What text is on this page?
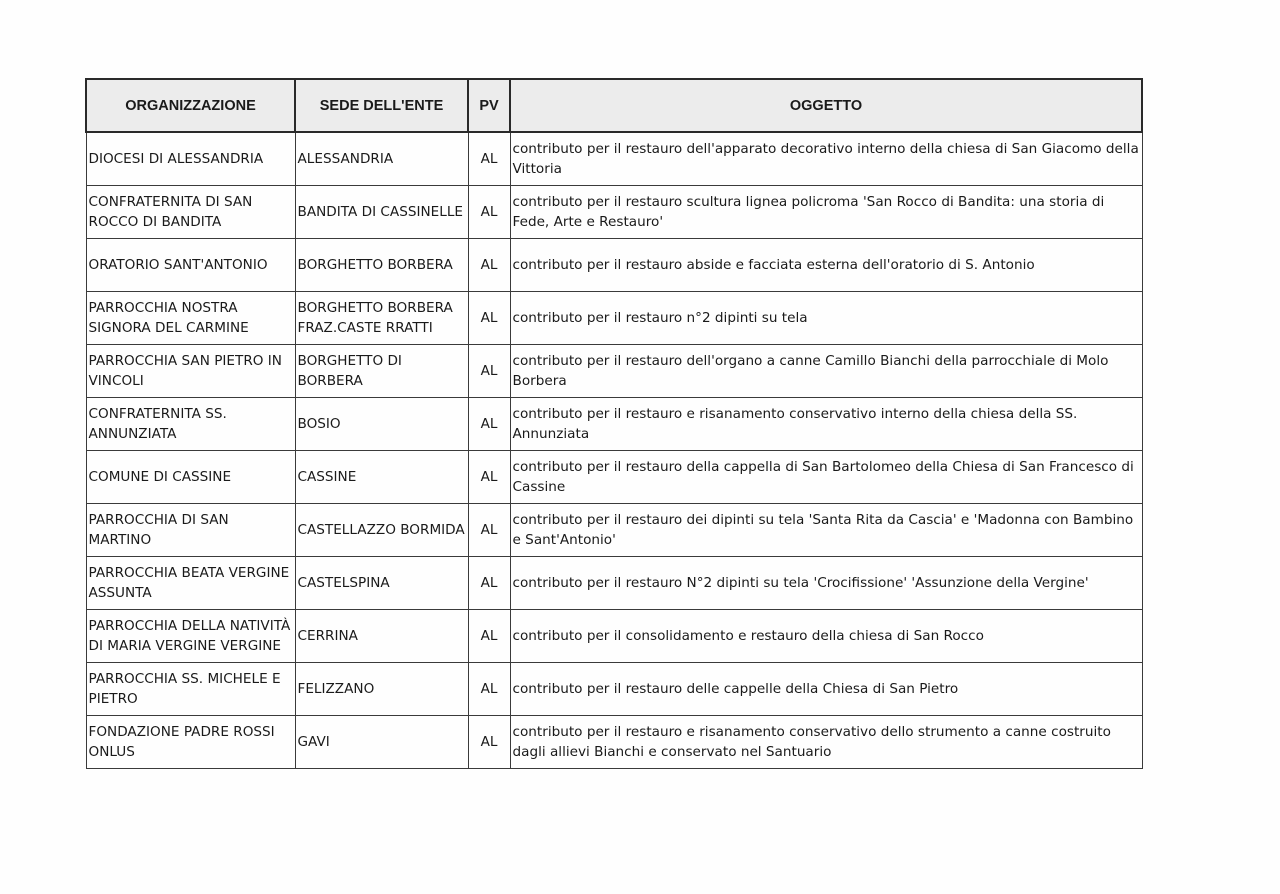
ORGANIZZAZIONE	SEDE DELL'ENTE	PV	OGGETTO
DIOCESI DI ALESSANDRIA	ALESSANDRIA	AL	contributo per il restauro dell'apparato decorativo interno della chiesa di San Giacomo della Vittoria
CONFRATERNITA DI SAN ROCCO DI BANDITA	BANDITA DI CASSINELLE	AL	contributo per il restauro scultura lignea policroma 'San Rocco di Bandita: una storia di Fede, Arte e Restauro'
ORATORIO SANT'ANTONIO	BORGHETTO BORBERA	AL	contributo per il restauro abside e facciata esterna dell'oratorio di S. Antonio
PARROCCHIA NOSTRA SIGNORA DEL CARMINE	BORGHETTO BORBERA FRAZ.CASTE RRATTI	AL	contributo per il restauro n°2 dipinti su tela
PARROCCHIA SAN PIETRO IN VINCOLI	BORGHETTO DI BORBERA	AL	contributo per il restauro dell'organo a canne Camillo Bianchi della parrocchiale di Molo Borbera
CONFRATERNITA SS. ANNUNZIATA	BOSIO	AL	contributo per il restauro e risanamento conservativo interno della chiesa della SS. Annunziata
COMUNE DI CASSINE	CASSINE	AL	contributo per il restauro della cappella di San Bartolomeo della Chiesa di San Francesco di Cassine
PARROCCHIA DI SAN MARTINO	CASTELLAZZO BORMIDA	AL	contributo per il restauro dei dipinti su tela 'Santa Rita da Cascia' e 'Madonna con Bambino e Sant'Antonio'
PARROCCHIA BEATA VERGINE ASSUNTA	CASTELSPINA	AL	contributo per il restauro N°2 dipinti su tela 'Crocifissione' 'Assunzione della Vergine'
PARROCCHIA DELLA NATIVITÀ DI MARIA VERGINE VERGINE	CERRINA	AL	contributo per il consolidamento e restauro della chiesa di San Rocco
PARROCCHIA SS. MICHELE E PIETRO	FELIZZANO	AL	contributo per il restauro delle cappelle della Chiesa di San Pietro
FONDAZIONE PADRE ROSSI ONLUS	GAVI	AL	contributo per il restauro e risanamento conservativo dello strumento a canne costruito dagli allievi Bianchi e conservato nel Santuario
